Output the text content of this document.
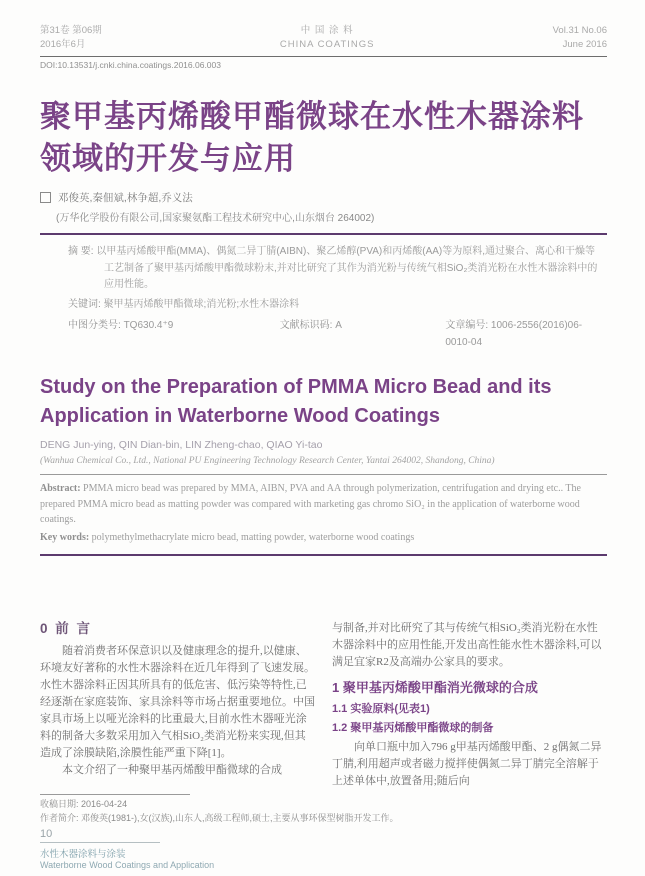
第31卷 第06期
2016年6月
中 国 涂 料
CHINA COATINGS
Vol.31 No.06
June 2016
DOI:10.13531/j.cnki.china.coatings.2016.06.003
聚甲基丙烯酸甲酯微球在水性木器涂料领域的开发与应用
邓俊英,秦佃斌,林争超,乔义法
(万华化学股份有限公司,国家聚氨酯工程技术研究中心,山东烟台 264002)
摘 要: 以甲基丙烯酸甲酯(MMA)、偶氮二异丁腈(AIBN)、聚乙烯醇(PVA)和丙烯酸(AA)等为原料,通过聚合、离心和干燥等工艺制备了聚甲基丙烯酸甲酯微球粉末,并对比研究了其作为消光粉与传统气相SiO₂类消光粉在水性木器涂料中的应用性能。
关键词: 聚甲基丙烯酸甲酯微球;消光粉;水性木器涂料
中图分类号: TQ630.4⁺9	文献标识码: A	文章编号: 1006-2556(2016)06-0010-04
Study on the Preparation of PMMA Micro Bead and its Application in Waterborne Wood Coatings
DENG Jun-ying, QIN Dian-bin, LIN Zheng-chao, QIAO Yi-tao
(Wanhua Chemical Co., Ltd., National PU Engineering Technology Research Center, Yantai 264002, Shandong, China)
Abstract: PMMA micro bead was prepared by MMA, AIBN, PVA and AA through polymerization, centrifugation and drying etc.. The prepared PMMA micro bead as matting powder was compared with marketing gas chromo SiO₂ in the application of waterborne wood coatings.
Key words: polymethylmethacrylate micro bead, matting powder, waterborne wood coatings
0 前 言

随着消费者环保意识以及健康理念的提升,以健康、环境友好著称的水性木器涂料在近几年得到了飞速发展。水性木器涂料正因其所具有的低危害、低污染等特性,已经逐渐在家庭装饰、家具涂料等市场占据重要地位。中国家具市场上以哑光涂料的比重最大,目前水性木器哑光涂料的制备大多数采用加入气相SiO₂类消光粉来实现,但其造成了涂膜缺陷,涂膜性能严重下降[1]。

本文介绍了一种聚甲基丙烯酸甲酯微球的合成

与制备,并对比研究了其与传统气相SiO₂类消光粉在水性木器涂料中的应用性能,开发出高性能水性木器涂料,可以满足宜家R2及高端办公家具的要求。

1 聚甲基丙烯酸甲酯消光微球的合成
1.1 实验原料(见表1)
1.2 聚甲基丙烯酸甲酯微球的制备

向单口瓶中加入796 g甲基丙烯酸甲酯、2 g偶氮二异丁腈,利用超声或者磁力搅拌使偶氮二异丁腈完全溶解于上述单体中,放置备用;随后向

收稿日期: 2016-04-24
作者简介: 邓俊英(1981-),女(汉族),山东人,高级工程师,硕士,主要从事环保型树脂开发工作。
10
水性木器涂料与涂装
Waterborne Wood Coatings and Application
